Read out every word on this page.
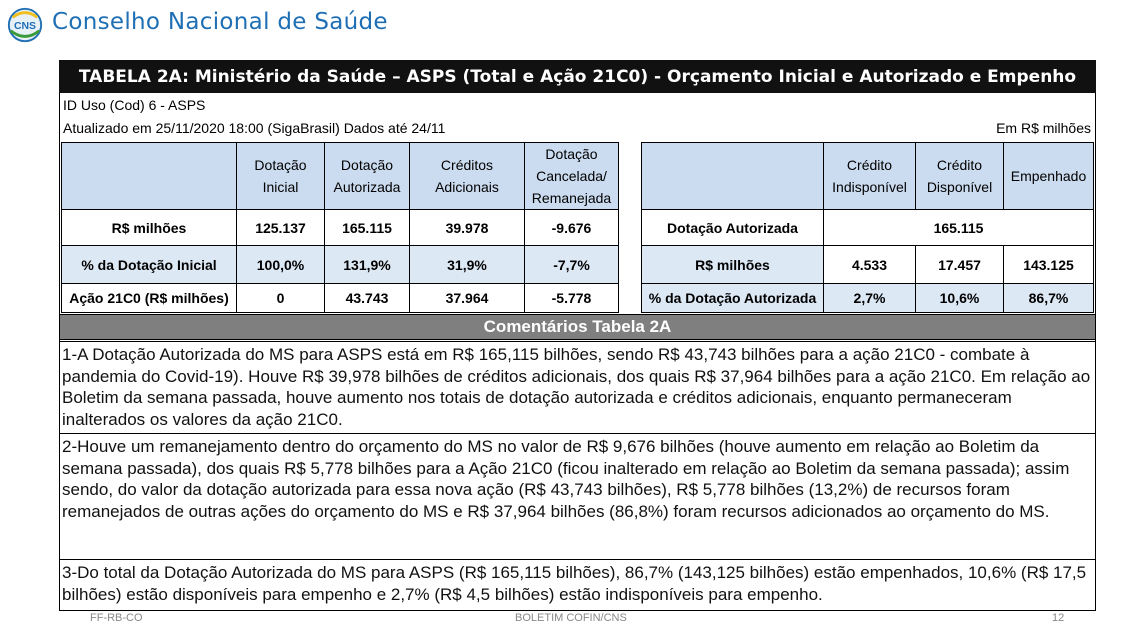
CNS Conselho Nacional de Saúde
TABELA 2A: Ministério da Saúde – ASPS (Total e Ação 21C0) - Orçamento Inicial e Autorizado e Empenho
ID Uso (Cod) 6 - ASPS
Atualizado em 25/11/2020 18:00 (SigaBrasil) Dados até 24/11	Em R$ milhões
	Dotação Inicial	Dotação Autorizada	Créditos Adicionais	Dotação Cancelada/ Remanejada
R$ milhões	125.137	165.115	39.978	-9.676
% da Dotação Inicial	100,0%	131,9%	31,9%	-7,7%
Ação 21C0 (R$ milhões)	0	43.743	37.964	-5.778
	Crédito Indisponível	Crédito Disponível	Empenhado
Dotação Autorizada	165.115		
R$ milhões	4.533	17.457	143.125
% da Dotação Autorizada	2,7%	10,6%	86,7%
Comentários Tabela 2A
1-A Dotação Autorizada do MS para ASPS está em R$ 165,115 bilhões, sendo R$ 43,743 bilhões para a ação 21C0 - combate à pandemia do Covid-19). Houve R$ 39,978 bilhões de créditos adicionais, dos quais R$ 37,964 bilhões para a ação 21C0. Em relação ao Boletim da semana passada, houve aumento nos totais de dotação autorizada e créditos adicionais, enquanto permaneceram inalterados os valores da ação 21C0.
2-Houve um remanejamento dentro do orçamento do MS no valor de R$ 9,676 bilhões (houve aumento em relação ao Boletim da semana passada), dos quais R$ 5,778 bilhões para a Ação 21C0 (ficou inalterado em relação ao Boletim da semana passada); assim sendo, do valor da dotação autorizada para essa nova ação (R$ 43,743 bilhões), R$ 5,778 bilhões (13,2%) de recursos foram remanejados de outras ações do orçamento do MS e R$ 37,964 bilhões (86,8%) foram recursos adicionados ao orçamento do MS.
3-Do total da Dotação Autorizada do MS para ASPS (R$ 165,115 bilhões), 86,7% (143,125 bilhões) estão empenhados, 10,6% (R$ 17,5 bilhões) estão disponíveis para empenho e 2,7% (R$ 4,5 bilhões) estão indisponíveis para empenho.
FF-RB-CO	BOLETIM COFIN/CNS	12
